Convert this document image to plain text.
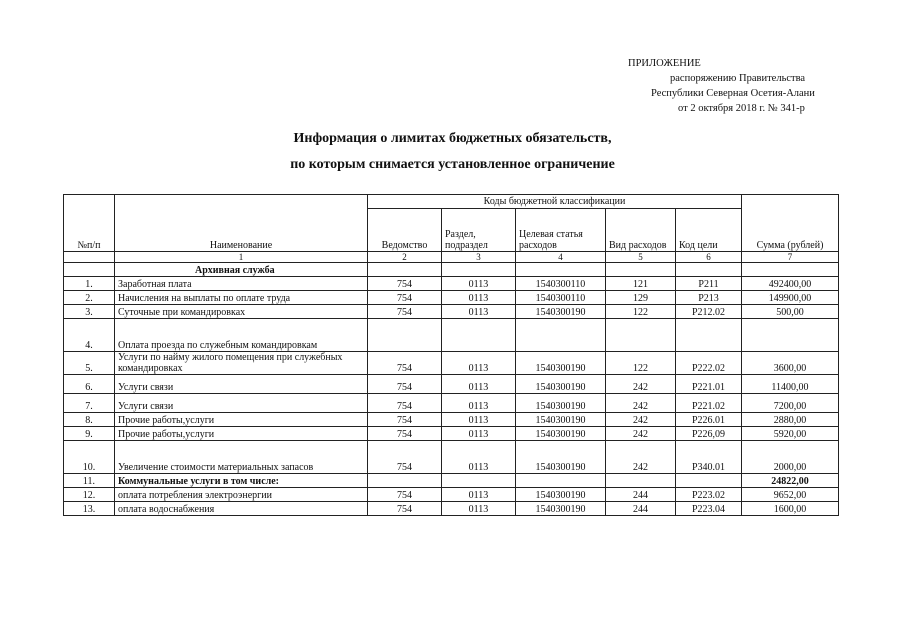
ПРИЛОЖЕНИЕ
распоряжению Правительства
Республики Северная Осетия-Алани
от 2 октября 2018 г. № 341-р
Информация о лимитах бюджетных обязательств,
по которым снимается установленное ограничение
№п/п	Наименование	Коды бюджетной классификации					Сумма (рублей)
		Ведомство	Раздел, подраздел	Целевая статья расходов	Вид расходов	Код цели	
	1	2	3	4	5	6	7
	Архивная служба						
1.	Заработная плата	754	0113	1540300110	121	Р211	492400,00
2.	Начисления на выплаты по оплате труда	754	0113	1540300110	129	Р213	149900,00
3.	Суточные при командировках	754	0113	1540300190	122	Р212.02	500,00
4.	Оплата проезда по служебным командировкам						
5.	Услуги по найму жилого помещения при служебных командировках	754	0113	1540300190	122	Р222.02	3600,00
6.	Услуги связи	754	0113	1540300190	242	Р221.01	11400,00
7.	Услуги связи	754	0113	1540300190	242	Р221.02	7200,00
8.	Прочие работы,услуги	754	0113	1540300190	242	Р226.01	2880,00
9.	Прочие работы,услуги	754	0113	1540300190	242	Р226,09	5920,00
10.	Увеличение стоимости материальных запасов	754	0113	1540300190	242	Р340.01	2000,00
11.	Коммунальные услуги в том числе:						24822,00
12.	оплата потребления электроэнергии	754	0113	1540300190	244	Р223.02	9652,00
13.	оплата водоснабжения	754	0113	1540300190	244	Р223.04	1600,00
